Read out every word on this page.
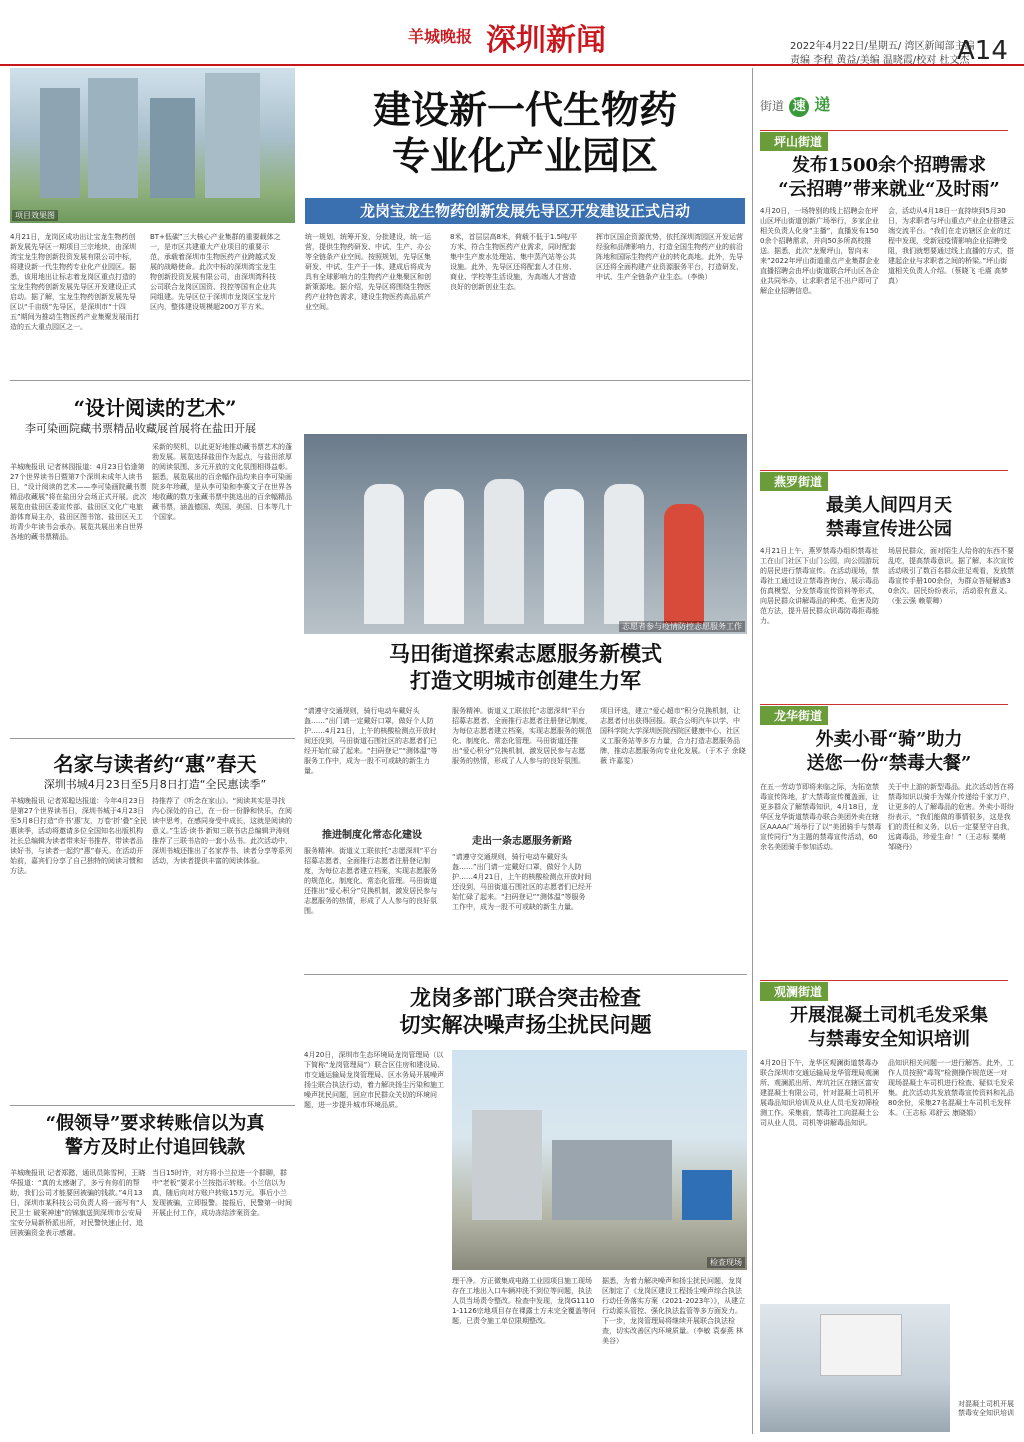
羊城晚报 深圳新闻	2022年4月22日/星期五/ 湾区新闻部主编
责编 李程 黄益/美编 温晓霞/校对 杜文杰
A14
项目效果图
建设新一代生物药
专业化产业园区
龙岗宝龙生物药创新发展先导区开发建设正式启动
4月21日，龙岗区成功出让宝龙生物药创新发展先导区一期项目三宗地块，由深圳湾宝龙生物创新投资发展有限公司中标，将建设新一代生物药专业化产业园区。据悉，该用地出让标志着龙岗区重点打造的宝龙生物药创新发展先导区开发建设正式启动。据了解，宝龙生物药创新发展先导区以“千亩级”先导区，是深圳市“十四五”期间为推动生物医药产业集聚发展而打造的五大重点园区之一。
BT+低碳”三大核心产业集群的重要载体之一，是市区共建重大产业项目的重要示范，承载着深圳市生物医药产业跨越式发展的战略使命。此次中标的深圳湾宝龙生物创新投资发展有限公司，由深圳湾科技公司联合龙岗区国资、投控等国有企业共同组建。先导区位于深圳市龙岗区宝龙片区内，整体建设规模超200万平方米。
统一规划，统筹开发，分批建设，统一运营，提供生物药研发、中试、生产、办公等全链条产业空间。按照规划，先导区集研发、中试、生产于一体，建成后将成为具有全球影响力的生物药产业集聚区和创新策源地。据介绍，先导区将围绕生物医药产业特色需求，建设生物医药高品质产业空间。
8米，首层层高8米，荷载不低于1.5吨/平方米，符合生物医药产业需求，同时配套集中生产废水处理站、集中蒸汽站等公共设施。此外，先导区还将配套人才住房、商业、学校等生活设施，为高端人才营造良好的创新创业生态。
挥市区国企资源优势，依托深圳湾园区开发运营经验和品牌影响力，打造全国生物药产业的前沿阵地和国际生物药产业的转化高地。此外，先导区还将全面构建产业资源服务平台，打造研发、中试、生产全链条产业生态。（李焕）
“设计阅读的艺术”
李可染画院藏书票精品收藏展首展将在盐田开展
羊城晚报讯 记者林园报道：4月23日恰逢第27个世界读书日暨第7个深圳未成年人读书日，“设计阅读的艺术——李可染画院藏书票精品收藏展”将在盐田分会场正式开展。此次展览由盐田区委宣传部、盐田区文化广电旅游体育局主办，盐田区图书馆、盐田区天工坊青少年读书会承办。展览共展出来自世界各地的藏书票精品。
采新的契机，以此更好地推动藏书票艺术的蓬勃发展。展览选择盐田作为起点，与盐田浓厚的阅读氛围、多元开放的文化氛围相得益彰。据悉，展览展出的百余幅作品均来自李可染画院多年珍藏，是从李可染和李赛文子在世界各地收藏的数万张藏书票中挑选出的百余幅精品藏书票，涵盖德国、英国、美国、日本等几十个国家。
名家与读者约“惠”春天
深圳书城4月23日至5月8日打造“全民惠读季”
羊城晚报讯 记者郑聪达报道：今年4月23日是第27个世界读书日，深圳书城于4月23日至5月8日打造“许书‘惠’友，万卷‘折’叠”全民惠读季，活动将邀请多位全国知名出版机构社长总编辑为读者带来好书推荐，带读者品读好书，与读者一起约“惠”春天。在活动开始前，嘉宾们分享了自己独特的阅读习惯和方法。
持推荐了《听念在家山》。“阅读其实是寻找内心深处的自己，在一份一份静和快乐，在阅读中思考，在感同身受中成长，这就是阅读的意义。”生活·读书·新知三联书店总编辑尹涛则推荐了三联书店的一套小丛书。此次活动中，深圳书城还推出了名家荐书、读者分享等系列活动，为读者提供丰富的阅读体验。
“假领导”要求转账信以为真
警方及时止付追回钱款
羊城晚报讯 记者郑懿，通讯员陈雪柯，王晓华报道：“真的太感谢了，多亏有你们的帮助，我们公司才能要回被骗的钱款。”4月13日，深圳市某科技公司负责人将一面写有“人民卫士 破案神速”的锦旗送到深圳市公安局宝安分局新桥派出所，对民警快速止付、追回被骗资金表示感谢。
当日15时许，对方将小兰拉进一个群聊，群中“老板”要求小兰按指示转账。小兰信以为真，随后向对方账户转账15万元。事后小兰发现被骗，立即报警。接报后，民警第一时间开展止付工作，成功冻结涉案资金。
志愿者参与疫情防控志愿服务工作
马田街道探索志愿服务新模式
打造文明城市创建生力军
“请遵守交通规则，骑行电动车戴好头盔……”出门请一定戴好口罩，做好个人防护……4月21日，上午的核酸检测点开放时间还没到，马田街道石围社区的志愿者们已经开始忙碌了起来。“扫码登记”“测体温”等服务工作中，成为一股不可或缺的新生力量。
推进制度化常态化建设
服务精神。街道义工联依托“志愿深圳”平台招募志愿者，全面推行志愿者注册登记制度，为每位志愿者建立档案，实现志愿服务的规范化、制度化、常态化管理。马田街道还推出“爱心积分”兑换机制，激发居民参与志愿服务的热情，形成了人人参与的良好氛围。
服务精神。街道义工联依托“志愿深圳”平台招募志愿者，全面推行志愿者注册登记制度，为每位志愿者建立档案，实现志愿服务的规范化、制度化、常态化管理。马田街道还推出“爱心积分”兑换机制，激发居民参与志愿服务的热情，形成了人人参与的良好氛围。
走出一条志愿服务新路
“请遵守交通规则，骑行电动车戴好头盔……”出门请一定戴好口罩，做好个人防护……4月21日，上午的核酸检测点开放时间还没到，马田街道石围社区的志愿者们已经开始忙碌了起来。“扫码登记”“测体温”等服务工作中，成为一股不可或缺的新生力量。
项目评选，建立“爱心超市”积分兑换机制，让志愿者付出获得回报。联合公明汽车以学、中国科学院大学深圳医院西院区健康中心、社区义工服务站等多方力量，合力打造志愿服务品牌，推动志愿服务向专业化发展。（于木子 余晓薇 许嘉雯）
龙岗多部门联合突击检查
切实解决噪声扬尘扰民问题
4月20日，深圳市生态环境局龙岗管理局（以下简称“龙岗管理局”）联合区住房和建设局、市交通运输局龙岗管理局、区水务局开展噪声扬尘联合执法行动，着力解决扬尘污染和施工噪声扰民问题，回应市民群众关切的环境问题，进一步提升城市环境品质。
检查现场
理干净。方正微集成电路工业园项目施工现场存在工地出入口车辆冲洗不到位等问题，执法人员当场责令整改。检查中发现，龙岗G11101-1126宗地项目存在裸露土方未完全覆盖等问题，已责令施工单位限期整改。
据悉，为着力解决噪声和扬尘扰民问题，龙岗区制定了《龙岗区建设工程扬尘噪声综合执法行动任务落实方案（2021-2023年）》，从建立行动源头管控、强化执法监管等多方面发力。下一步，龙岗管理局将继续开展联合执法检查，切实改善区内环境质量。（李敏 袁泰燕 林美谷）
街道 速 递
坪山街道
发布1500余个招聘需求
“云招聘”带来就业“及时雨”
4月20日，一场特别的线上招聘会在坪山区坪山街道创新广场举行，多家企业相关负责人化身“主播”，直播发布1500余个招聘需求，并向50多所高校推送。据悉，此次“龙聚坪山，智向未来”2022年坪山街道重点产业集群企业直播招聘会由坪山街道联合坪山区各企业共同举办，让求职者足不出户即可了解企业招聘信息。
会，活动从4月18日一直持续到5月30日，为求职者与坪山重点产业企业搭建云端交流平台。“我们在走访辖区企业的过程中发现，受新冠疫情影响企业招聘受阻，我们就想要通过线上直播的方式，搭建起企业与求职者之间的桥梁。”坪山街道相关负责人介绍。（蔡晓飞 毛震 高梦真）
燕罗街道
最美人间四月天
禁毒宣传进公园
4月21日上午，燕罗禁毒办组织禁毒社工在山门社区下山门公园，向公园游玩的居民进行禁毒宣传。在活动现场，禁毒社工通过设立禁毒咨询台、展示毒品仿真模型、分发禁毒宣传资料等形式，向居民群众讲解毒品的种类、危害及防范方法，提升居民群众识毒防毒拒毒能力。
场居民群众，面对陌生人给你的东西不要乱吃，提高禁毒意识。据了解，本次宣传活动吸引了数百名群众驻足观看，发放禁毒宣传手册100余份，为群众答疑解惑30余次。居民纷纷表示，活动很有意义。（张云强 赖蒙卿）
龙华街道
外卖小哥“骑”助力
送您一份“禁毒大餐”
在五一劳动节即将来临之际，为拓宽禁毒宣传阵地，扩大禁毒宣传覆盖面，让更多群众了解禁毒知识，4月18日，龙华区龙华街道禁毒办联合美团外卖在辖区AAAA广场举行了以“美团骑手与禁毒宣传同行”为主题的禁毒宣传活动，60余名美团骑手参加活动。
关于中上游的新型毒品。此次活动旨在将禁毒知识以骑手为媒介传递给千家万户，让更多的人了解毒品的危害。外卖小哥纷纷表示，“我们能做的事情很多，这是我们的责任和义务，以后一定要坚守自我，远离毒品，珍爱生命！”（王志标 粟萌 邹晓丹）
观澜街道
开展混凝土司机毛发采集
与禁毒安全知识培训
4月20日下午，龙华区观澜街道禁毒办联合深圳市交通运输局龙华管理局观澜所、观澜派出所、库坑社区在辖区富安建混凝土有限公司，针对混凝土司机开展毒品知识培训及从业人员毛发初筛检测工作。采集前，禁毒社工向混凝土公司从业人员、司机等讲解毒品知识。
品知识相关问题一一进行解答。此外，工作人员按照“毒驾”检测操作规范逐一对现场混凝土车司机进行检查、疑似毛发采集。此次活动共发放禁毒宣传资料和礼品80余份，采集27名混凝土车司机毛发样本。（王志标 邓舒云 康晓娟）
对混凝土司机开展禁毒安全知识培训
